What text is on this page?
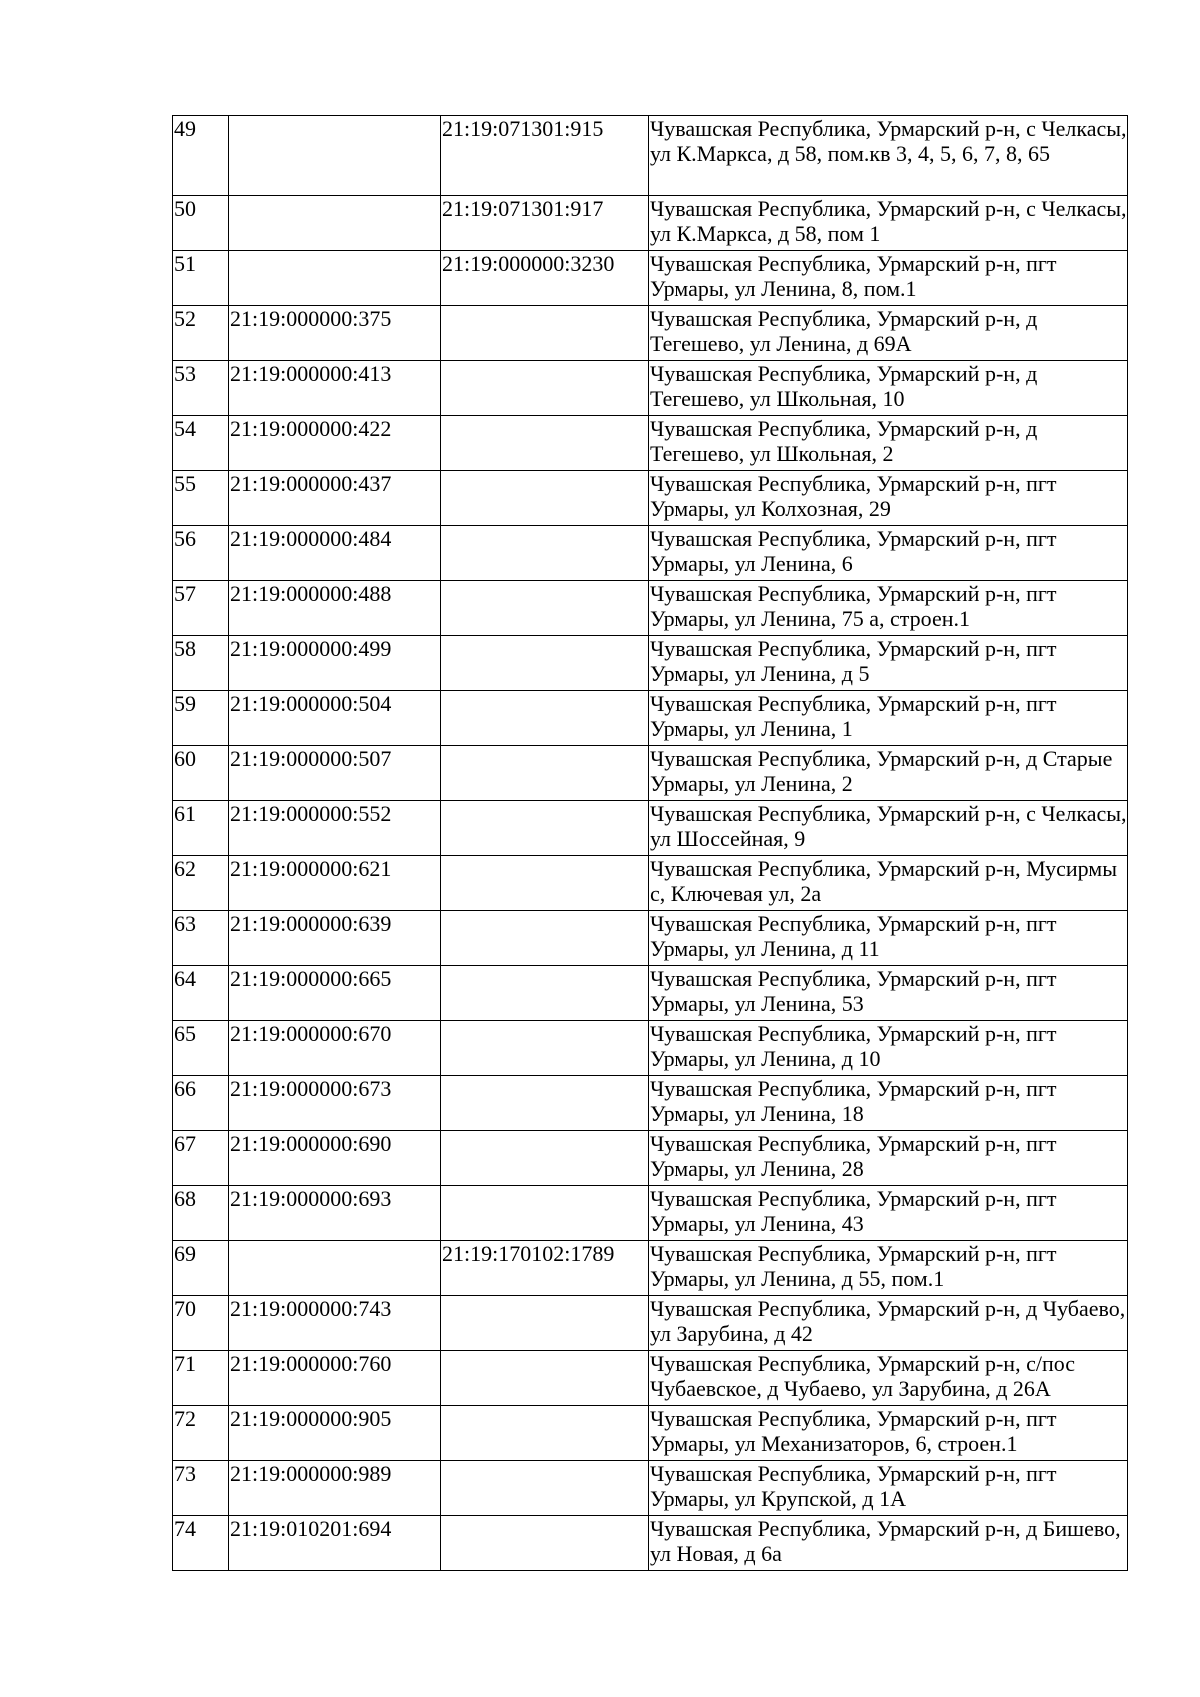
49		21:19:071301:915	Чувашская Республика, Урмарский р-н, с Челкасы, ул К.Маркса, д 58, пом.кв 3, 4, 5, 6, 7, 8, 65
50		21:19:071301:917	Чувашская Республика, Урмарский р-н, с Челкасы, ул К.Маркса, д 58, пом 1
51		21:19:000000:3230	Чувашская Республика, Урмарский р-н, пгт Урмары, ул Ленина, 8, пом.1
52	21:19:000000:375		Чувашская Республика, Урмарский р-н, д Тегешево, ул Ленина, д 69А
53	21:19:000000:413		Чувашская Республика, Урмарский р-н, д Тегешево, ул Школьная, 10
54	21:19:000000:422		Чувашская Республика, Урмарский р-н, д Тегешево, ул Школьная, 2
55	21:19:000000:437		Чувашская Республика, Урмарский р-н, пгт Урмары, ул Колхозная, 29
56	21:19:000000:484		Чувашская Республика, Урмарский р-н, пгт Урмары, ул Ленина, 6
57	21:19:000000:488		Чувашская Республика, Урмарский р-н, пгт Урмары, ул Ленина, 75 а, строен.1
58	21:19:000000:499		Чувашская Республика, Урмарский р-н, пгт Урмары, ул Ленина, д 5
59	21:19:000000:504		Чувашская Республика, Урмарский р-н, пгт Урмары, ул Ленина, 1
60	21:19:000000:507		Чувашская Республика, Урмарский р-н, д Старые Урмары, ул Ленина, 2
61	21:19:000000:552		Чувашская Республика, Урмарский р-н, с Челкасы, ул Шоссейная, 9
62	21:19:000000:621		Чувашская Республика, Урмарский р-н, Мусирмы с, Ключевая ул, 2а
63	21:19:000000:639		Чувашская Республика, Урмарский р-н, пгт Урмары, ул Ленина, д 11
64	21:19:000000:665		Чувашская Республика, Урмарский р-н, пгт Урмары, ул Ленина, 53
65	21:19:000000:670		Чувашская Республика, Урмарский р-н, пгт Урмары, ул Ленина, д 10
66	21:19:000000:673		Чувашская Республика, Урмарский р-н, пгт Урмары, ул Ленина, 18
67	21:19:000000:690		Чувашская Республика, Урмарский р-н, пгт Урмары, ул Ленина, 28
68	21:19:000000:693		Чувашская Республика, Урмарский р-н, пгт Урмары, ул Ленина, 43
69		21:19:170102:1789	Чувашская Республика, Урмарский р-н, пгт Урмары, ул Ленина, д 55, пом.1
70	21:19:000000:743		Чувашская Республика, Урмарский р-н, д Чубаево, ул Зарубина, д 42
71	21:19:000000:760		Чувашская Республика, Урмарский р-н, с/пос Чубаевское, д Чубаево, ул Зарубина, д 26А
72	21:19:000000:905		Чувашская Республика, Урмарский р-н, пгт Урмары, ул Механизаторов, 6, строен.1
73	21:19:000000:989		Чувашская Республика, Урмарский р-н, пгт Урмары, ул Крупской, д 1А
74	21:19:010201:694		Чувашская Республика, Урмарский р-н, д Бишево, ул Новая, д 6а
